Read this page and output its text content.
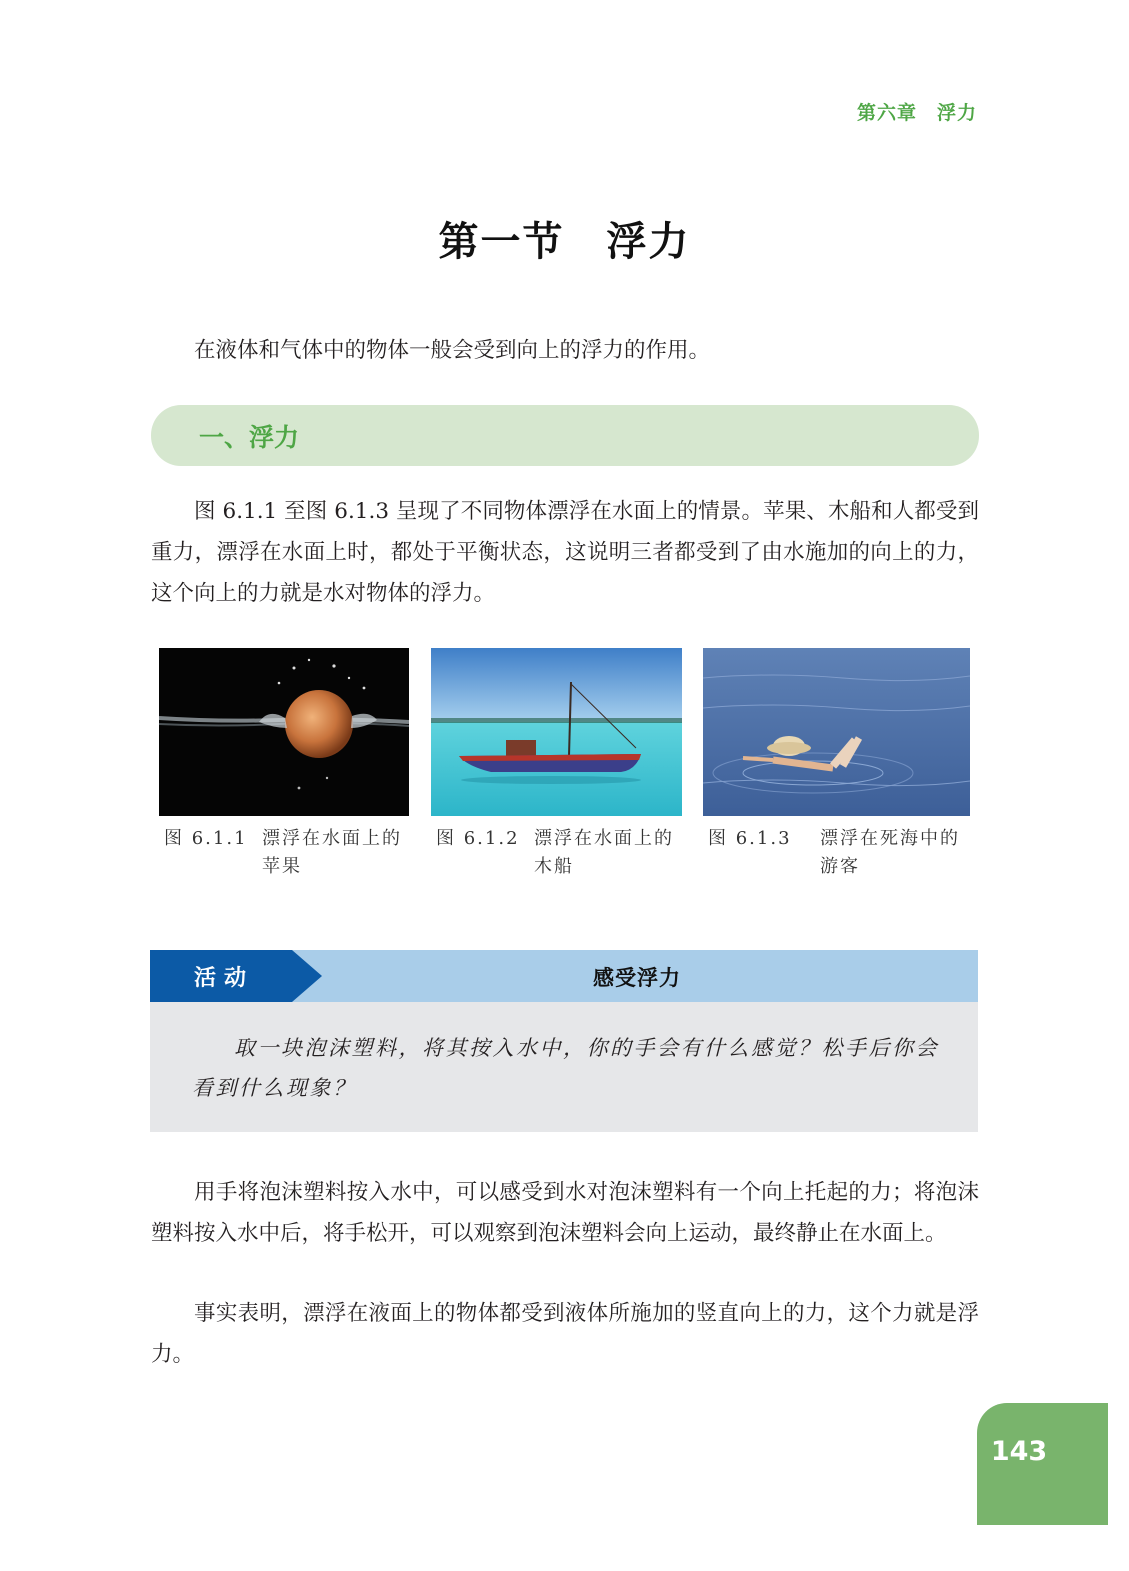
第六章 浮力
第一节 浮力

在液体和气体中的物体一般会受到向上的浮力的作用。

一、浮力

图 6.1.1 至图 6.1.3 呈现了不同物体漂浮在水面上的情景。苹果、木船和人都受到重力，漂浮在水面上时，都处于平衡状态，这说明三者都受到了由水施加的向上的力，这个向上的力就是水对物体的浮力。

图 6.1.1 漂浮在水面上的苹果
图 6.1.2 漂浮在水面上的木船
图 6.1.3 漂浮在死海中的游客
活动	感受浮力

取一块泡沫塑料，将其按入水中，你的手会有什么感觉？松手后你会看到什么现象？

用手将泡沫塑料按入水中，可以感受到水对泡沫塑料有一个向上托起的力；将泡沫塑料按入水中后，将手松开，可以观察到泡沫塑料会向上运动，最终静止在水面上。

事实表明，漂浮在液面上的物体都受到液体所施加的竖直向上的力，这个力就是浮力。

143
